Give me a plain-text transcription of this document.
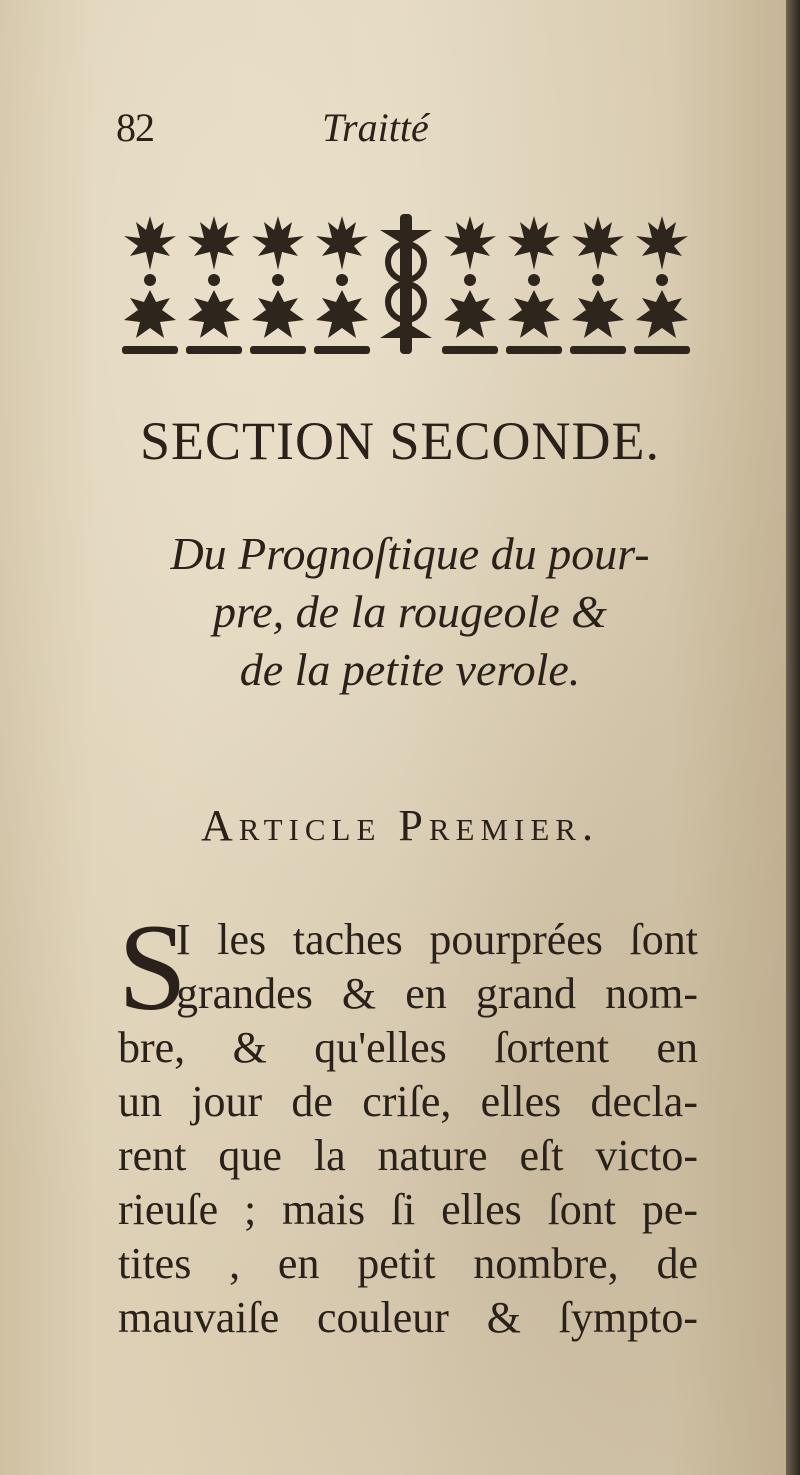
82	Traitté
SECTION SECONDE.
Du Prognoſtique du pour-
pre, de la rougeole &
de la petite verole.
Article Premier.
S
I les taches pourprées ſont
grandes & en grand nom-
bre, & qu'elles ſortent en
un jour de criſe, elles decla-
rent que la nature eſt victo-
rieuſe ; mais ſi elles ſont pe-
tites , en petit nombre, de
mauvaiſe couleur & ſympto-
